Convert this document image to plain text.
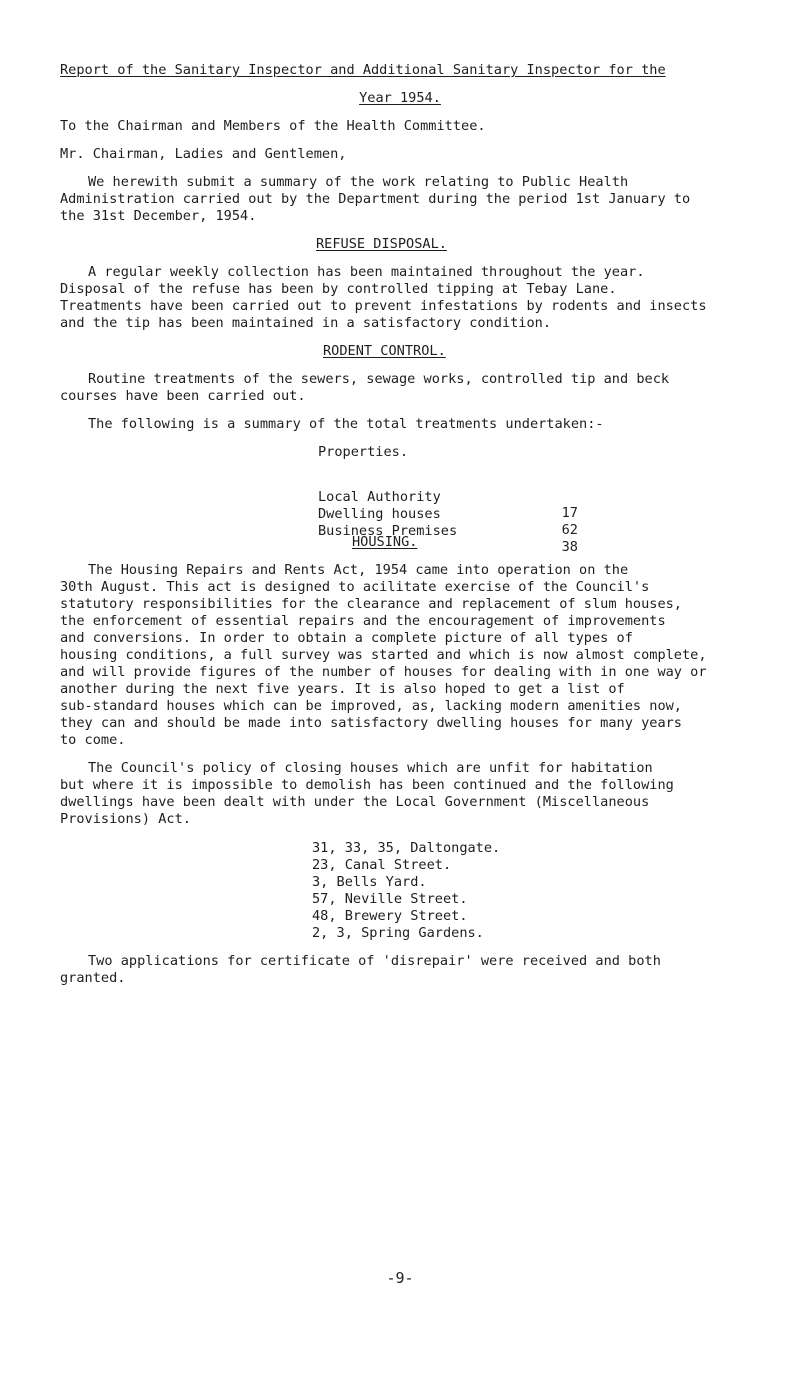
Report of the Sanitary Inspector and Additional Sanitary Inspector for the
Year 1954.
To the Chairman and Members of the Health Committee.
Mr. Chairman, Ladies and Gentlemen,
We herewith submit a summary of the work relating to Public Health
Administration carried out by the Department during the period 1st January to
the 31st December, 1954.
REFUSE DISPOSAL.
A regular weekly collection has been maintained throughout the year.
Disposal of the refuse has been by controlled tipping at Tebay Lane.
Treatments have been carried out to prevent infestations by rodents and insects
and the tip has been maintained in a satisfactory condition.
RODENT CONTROL.
Routine treatments of the sewers, sewage works, controlled tip and beck
courses have been carried out.
The following is a summary of the total treatments undertaken:-
Properties.

Local Authority

17

Dwelling houses

62

Business Premises

38

HOUSING.
The Housing Repairs and Rents Act, 1954 came into operation on the
30th August. This act is designed to acilitate exercise of the Council's
statutory responsibilities for the clearance and replacement of slum houses,
the enforcement of essential repairs and the encouragement of improvements
and conversions. In order to obtain a complete picture of all types of
housing conditions, a full survey was started and which is now almost complete,
and will provide figures of the number of houses for dealing with in one way or
another during the next five years. It is also hoped to get a list of
sub-standard houses which can be improved, as, lacking modern amenities now,
they can and should be made into satisfactory dwelling houses for many years
to come.
The Council's policy of closing houses which are unfit for habitation
but where it is impossible to demolish has been continued and the following
dwellings have been dealt with under the Local Government (Miscellaneous
Provisions) Act.
31, 33, 35, Daltongate.
23, Canal Street.
3, Bells Yard.
57, Neville Street.
48, Brewery Street.
2, 3, Spring Gardens.
Two applications for certificate of 'disrepair' were received and both
granted.
-9-
